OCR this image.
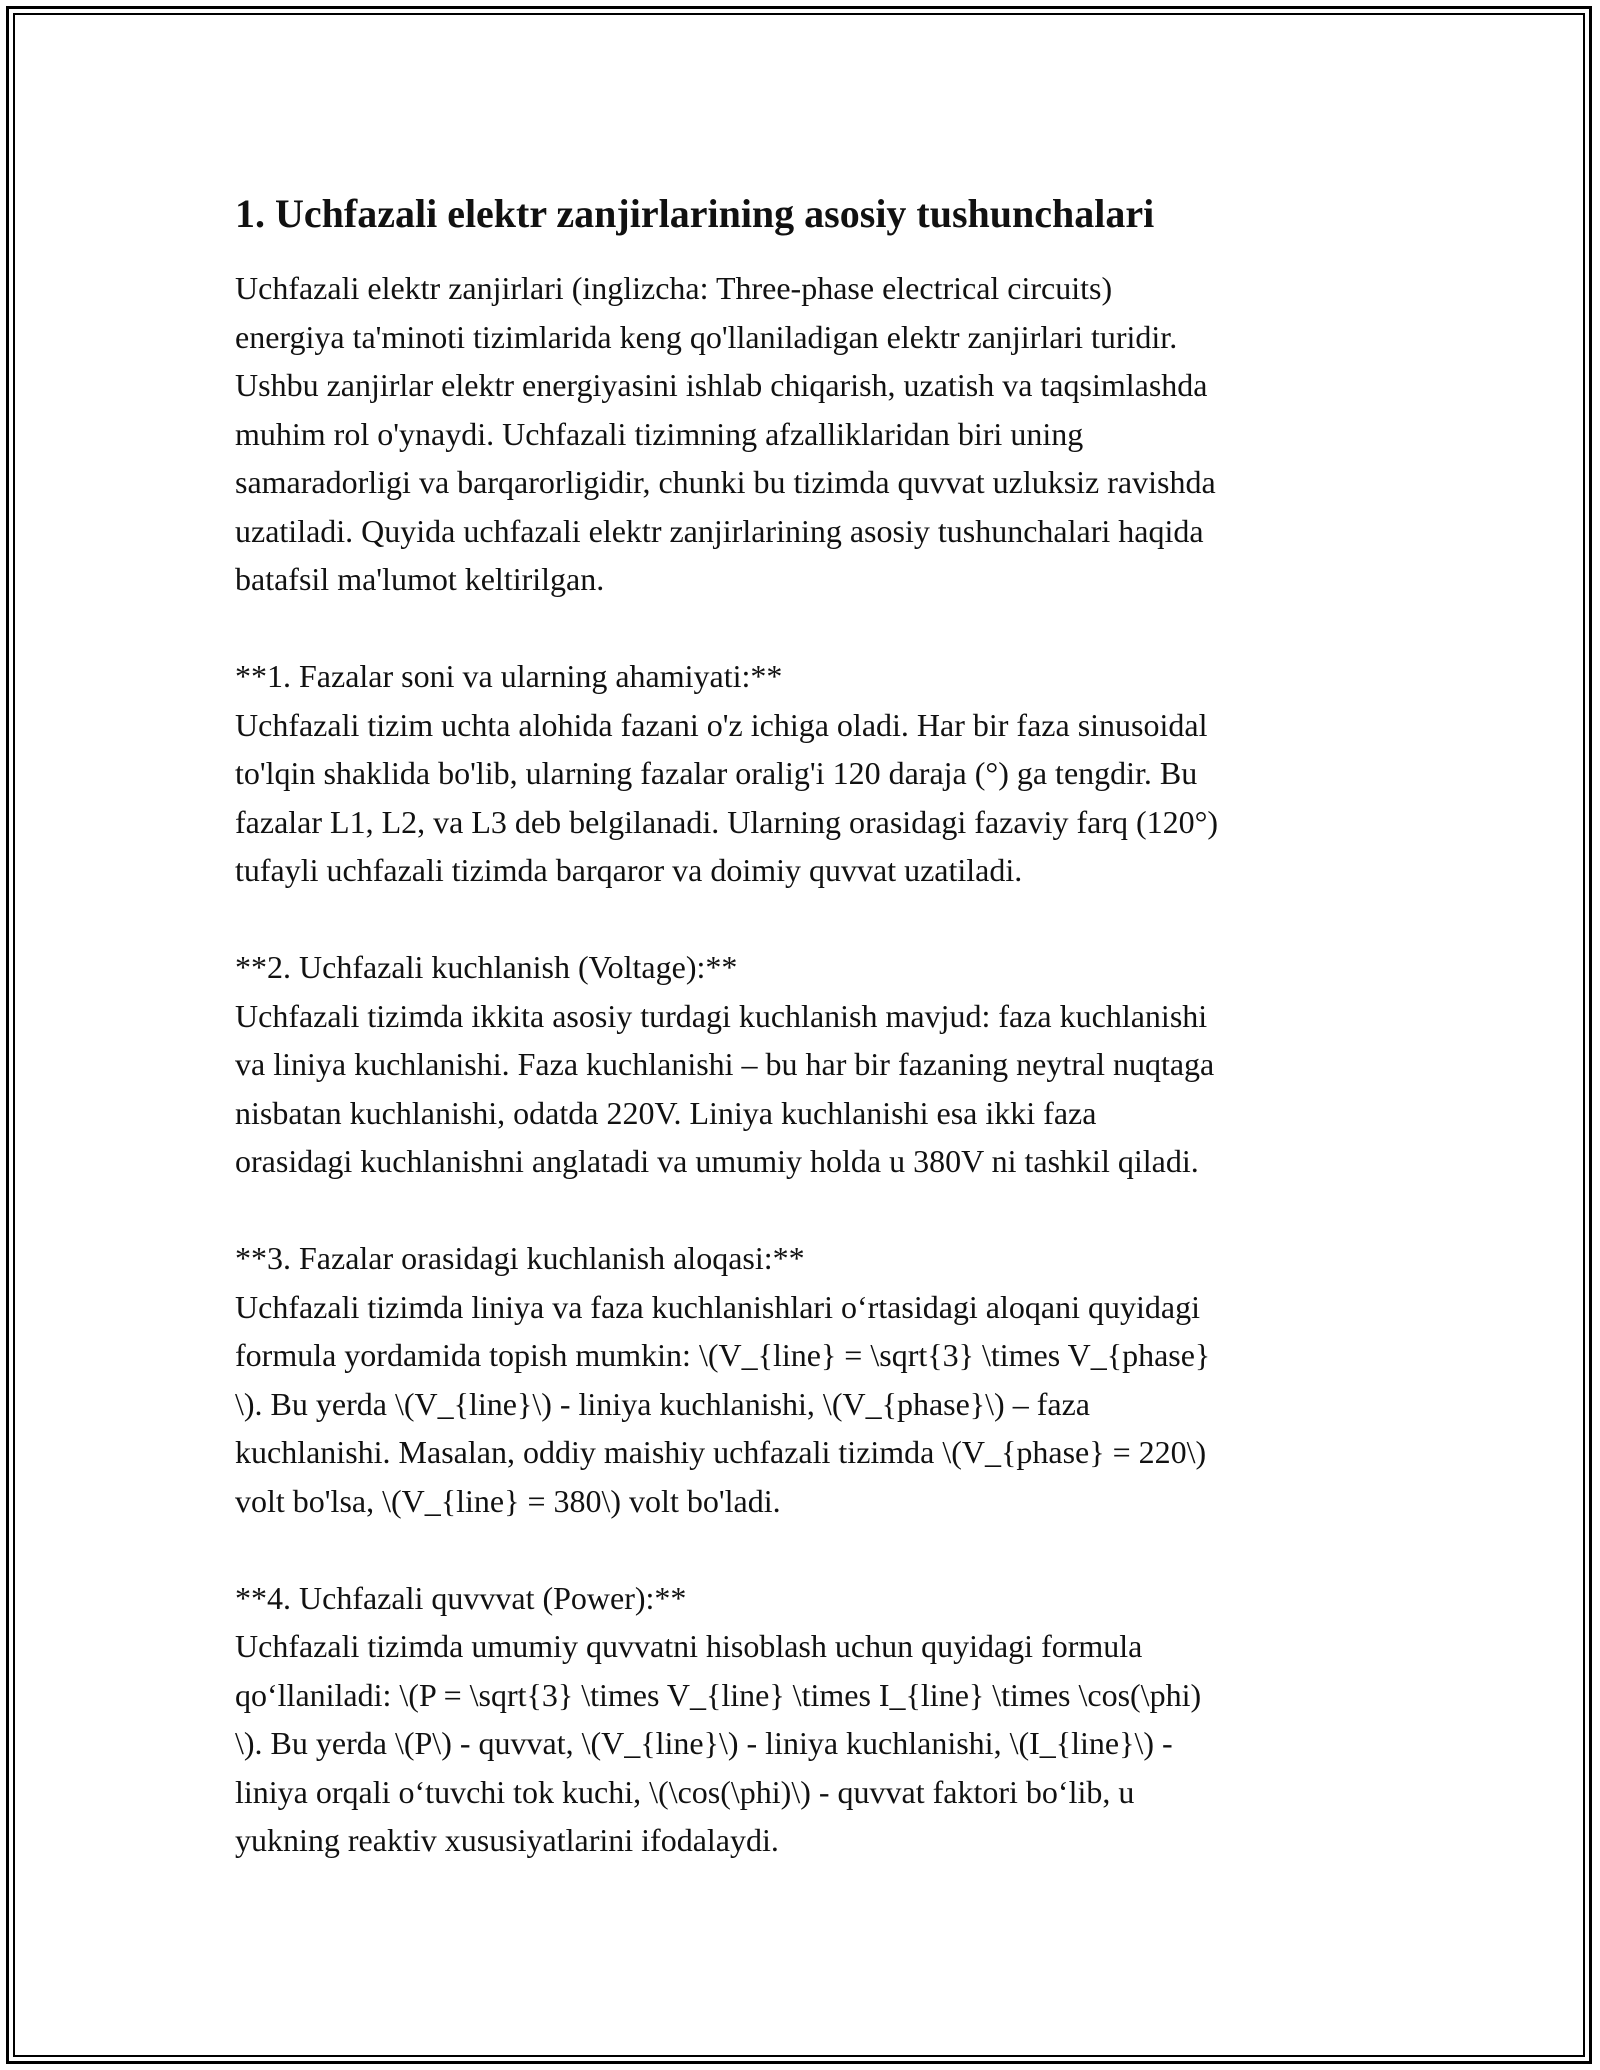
1. Uchfazali elektr zanjirlarining asosiy tushunchalari
Uchfazali elektr zanjirlari (inglizcha: Three-phase electrical circuits)
energiya ta'minoti tizimlarida keng qo'llaniladigan elektr zanjirlari turidir.
Ushbu zanjirlar elektr energiyasini ishlab chiqarish, uzatish va taqsimlashda
muhim rol o'ynaydi. Uchfazali tizimning afzalliklaridan biri uning
samaradorligi va barqarorligidir, chunki bu tizimda quvvat uzluksiz ravishda
uzatiladi. Quyida uchfazali elektr zanjirlarining asosiy tushunchalari haqida
batafsil ma'lumot keltirilgan.
**1. Fazalar soni va ularning ahamiyati:**
Uchfazali tizim uchta alohida fazani o'z ichiga oladi. Har bir faza sinusoidal
to'lqin shaklida bo'lib, ularning fazalar oralig'i 120 daraja (°) ga tengdir. Bu
fazalar L1, L2, va L3 deb belgilanadi. Ularning orasidagi fazaviy farq (120°)
tufayli uchfazali tizimda barqaror va doimiy quvvat uzatiladi.
**2. Uchfazali kuchlanish (Voltage):**
Uchfazali tizimda ikkita asosiy turdagi kuchlanish mavjud: faza kuchlanishi
va liniya kuchlanishi. Faza kuchlanishi – bu har bir fazaning neytral nuqtaga
nisbatan kuchlanishi, odatda 220V. Liniya kuchlanishi esa ikki faza
orasidagi kuchlanishni anglatadi va umumiy holda u 380V ni tashkil qiladi.
**3. Fazalar orasidagi kuchlanish aloqasi:**
Uchfazali tizimda liniya va faza kuchlanishlari o‘rtasidagi aloqani quyidagi
formula yordamida topish mumkin: \(V_{line} = \sqrt{3} \times V_{phase}
\). Bu yerda \(V_{line}\) - liniya kuchlanishi, \(V_{phase}\) – faza
kuchlanishi. Masalan, oddiy maishiy uchfazali tizimda \(V_{phase} = 220\)
volt bo'lsa, \(V_{line} = 380\) volt bo'ladi.
**4. Uchfazali quvvvat (Power):**
Uchfazali tizimda umumiy quvvatni hisoblash uchun quyidagi formula
qo‘llaniladi: \(P = \sqrt{3} \times V_{line} \times I_{line} \times \cos(\phi)
\). Bu yerda \(P\) - quvvat, \(V_{line}\) - liniya kuchlanishi, \(I_{line}\) -
liniya orqali o‘tuvchi tok kuchi, \(\cos(\phi)\) - quvvat faktori bo‘lib, u
yukning reaktiv xususiyatlarini ifodalaydi.
